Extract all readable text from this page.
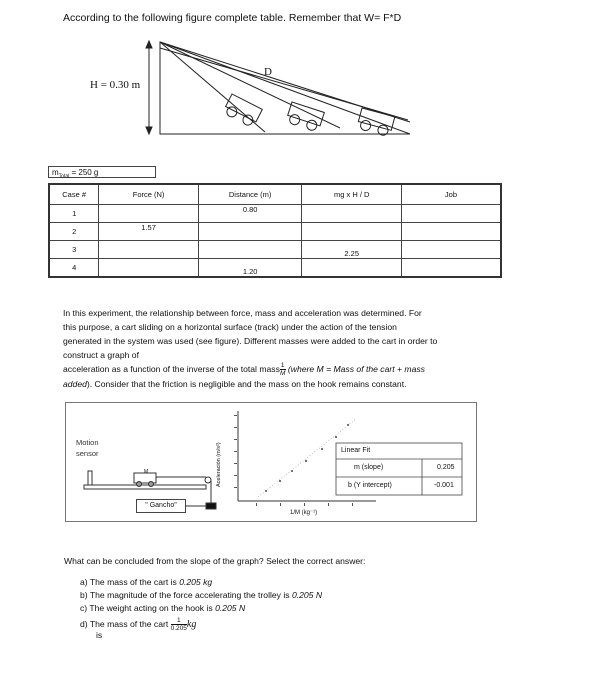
According to the following figure complete table. Remember that W= F*D
H = 0.30 m
D
$m_{Total} = 250$ g
Case #	Force (N)	Distance (m)	mg x H / D	Job
1		0.80		
2	1.57			
3			2.25	
4		1.20		
In this experiment, the relationship between force, mass and acceleration was determined. For
this purpose, a cart sliding on a horizontal surface (track) under the action of the tension
generated in the system was used (see figure). Different masses were added to the cart in order to
construct a graph of
acceleration as a function of the inverse of the total mass $\frac{1}{M}$ (where M = Mass of the cart + mass
added). Consider that the friction is negligible and the mass on the hook remains constant.
Motion
sensor
M
" Gancho"
Aceleración (m/s²)
1/M (kg⁻¹)
Linear Fit
m (slope)	0.205
b (Y intercept)	-0.001
What can be concluded from the slope of the graph? Select the correct answer:
a) The mass of the cart is 0.205 kg
b) The magnitude of the force accelerating the trolley is 0.205 N
c) The weight acting on the hook is 0.205 N
d) The mass of the cart $\frac{1}{0.205}$ kg
is
